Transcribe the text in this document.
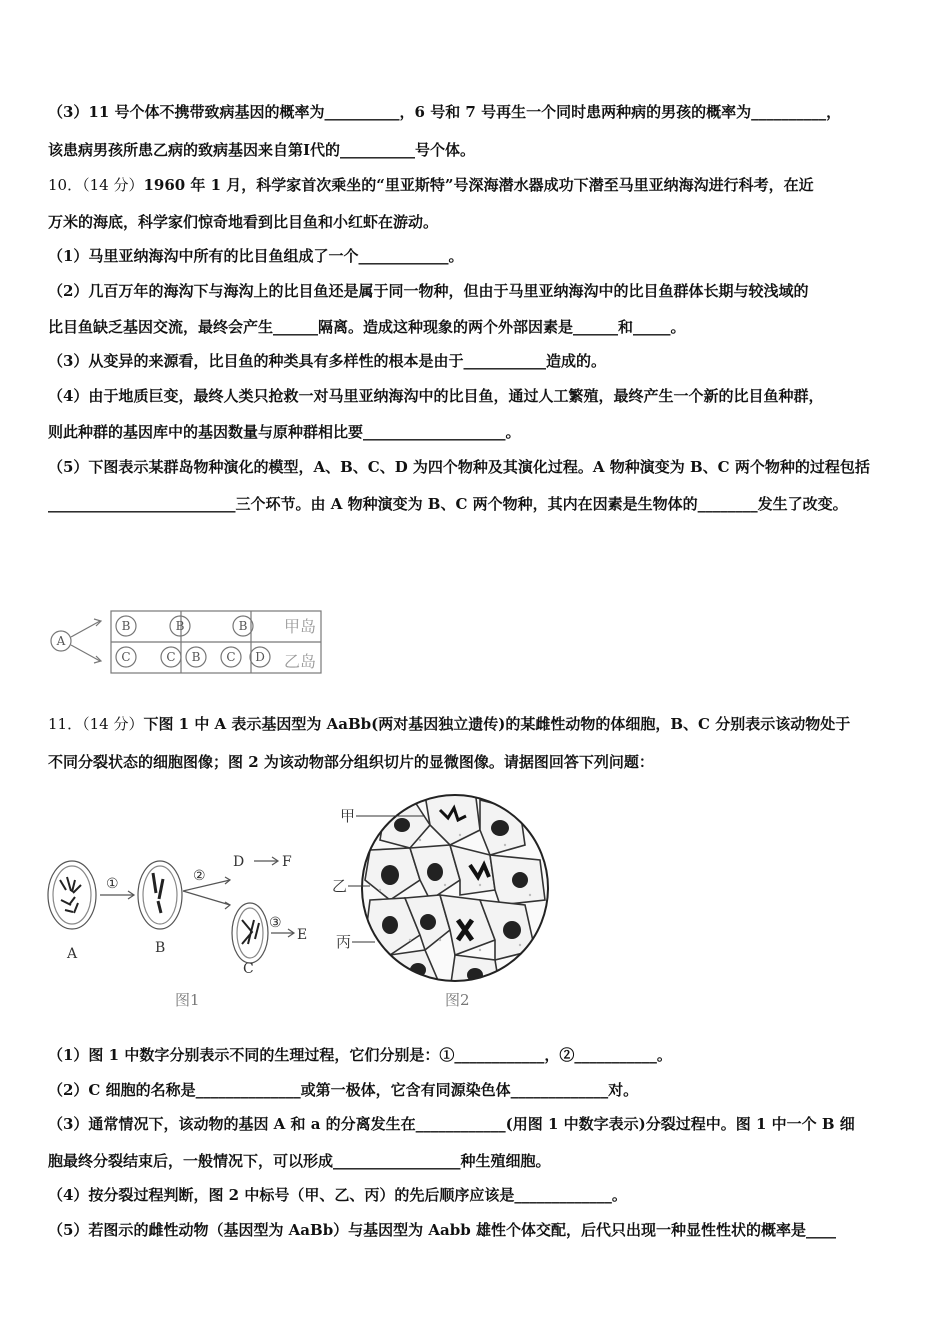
（3）11 号个体不携带致病基因的概率为__________，6 号和 7 号再生一个同时患两种病的男孩的概率为__________，
该患病男孩所患乙病的致病基因来自第Ⅰ代的__________号个体。
10．（14 分）1960 年 1 月，科学家首次乘坐的“里亚斯特”号深海潜水器成功下潜至马里亚纳海沟进行科考，在近
万米的海底，科学家们惊奇地看到比目鱼和小红虾在游动。
（1）马里亚纳海沟中所有的比目鱼组成了一个____________。
（2）几百万年的海沟下与海沟上的比目鱼还是属于同一物种，但由于马里亚纳海沟中的比目鱼群体长期与较浅域的
比目鱼缺乏基因交流，最终会产生______隔离。造成这种现象的两个外部因素是______和_____。
（3）从变异的来源看，比目鱼的种类具有多样性的根本是由于___________造成的。
（4）由于地质巨变，最终人类只抢救一对马里亚纳海沟中的比目鱼，通过人工繁殖，最终产生一个新的比目鱼种群，
则此种群的基因库中的基因数量与原种群相比要___________________。
（5）下图表示某群岛物种演化的模型，A、B、C、D 为四个物种及其演化过程。A 物种演变为 B、C 两个物种的过程包括
_________________________三个环节。由 A 物种演变为 B、C 两个物种，其内在因素是生物体的________发生了改变。
A
B	B	B
C	C B C D
甲岛
乙岛
11．（14 分）下图 1 中 A 表示基因型为 AaBb(两对基因独立遗传)的某雌性动物的体细胞，B、C 分别表示该动物处于
不同分裂状态的细胞图像；图 2 为该动物部分组织切片的显微图像。请据图回答下列问题：
A	B
C
D	F
E
①	②
③
图1
甲
乙
丙
图2
（1）图 1 中数字分别表示不同的生理过程，它们分别是：①____________，②___________。
（2）C 细胞的名称是______________或第一极体，它含有同源染色体_____________对。
（3）通常情况下，该动物的基因 A 和 a 的分离发生在____________(用图 1 中数字表示)分裂过程中。图 1 中一个 B 细
胞最终分裂结束后，一般情况下，可以形成_________________种生殖细胞。
（4）按分裂过程判断，图 2 中标号（甲、乙、丙）的先后顺序应该是_____________。
（5）若图示的雌性动物（基因型为 AaBb）与基因型为 Aabb 雄性个体交配，后代只出现一种显性性状的概率是____
